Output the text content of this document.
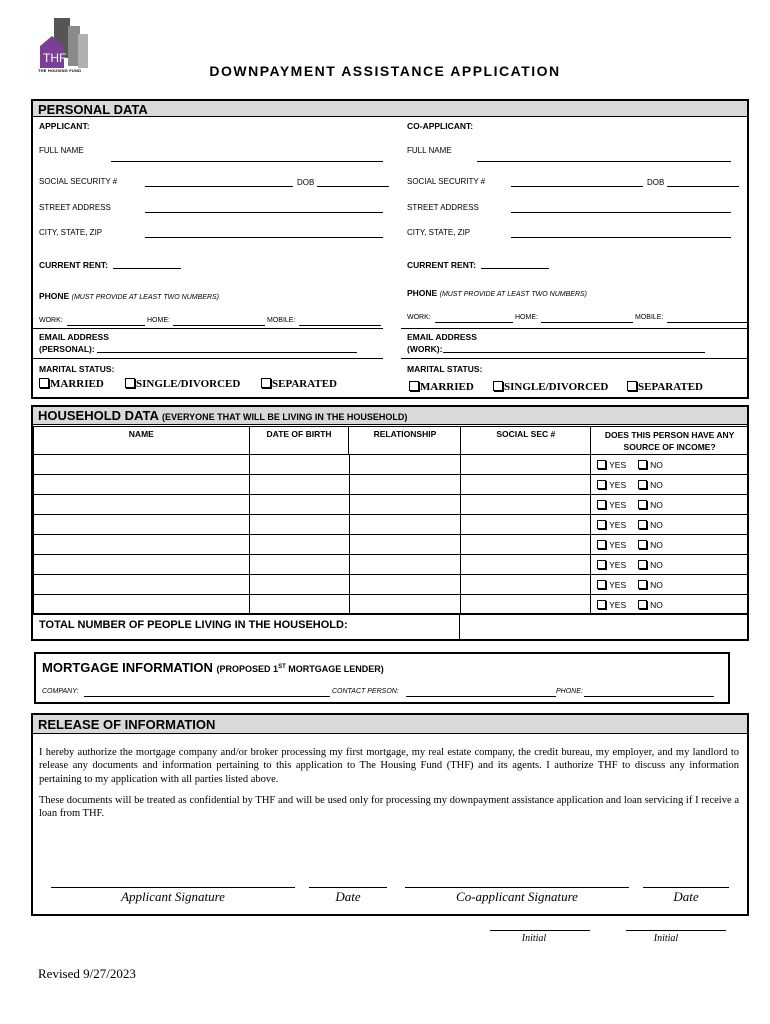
THF
THE HOUSING FUND	DOWNPAYMENT ASSISTANCE APPLICATION
PERSONAL DATA
APPLICANT:	CO-APPLICANT:
FULL NAME	FULL NAME
SOCIAL SECURITY #	DOB	SOCIAL SECURITY #	DOB
STREET ADDRESS	STREET ADDRESS
CITY, STATE, ZIP	CITY, STATE, ZIP
CURRENT RENT:	CURRENT RENT:
PHONE (MUST PROVIDE AT LEAST TWO NUMBERS)	PHONE (MUST PROVIDE AT LEAST TWO NUMBERS)
WORK:	HOME:	MOBILE:	WORK:	HOME:	MOBILE:
EMAIL ADDRESS
(PERSONAL):
EMAIL ADDRESS
(WORK):
MARITAL STATUS:	MARITAL STATUS:
MARRIED	SINGLE/DIVORCED	SEPARATED	MARRIED	SINGLE/DIVORCED	SEPARATED
HOUSEHOLD DATA (EVERYONE THAT WILL BE LIVING IN THE HOUSEHOLD)
NAME	DATE OF BIRTH	RELATIONSHIP	SOCIAL SEC #	DOES THIS PERSON HAVE ANY SOURCE OF INCOME?
				YES NO
				YES NO
				YES NO
				YES NO
				YES NO
				YES NO
				YES NO
				YES NO
TOTAL NUMBER OF PEOPLE LIVING IN THE HOUSEHOLD:
MORTGAGE INFORMATION (PROPOSED 1ST MORTGAGE LENDER)
COMPANY:	CONTACT PERSON:	PHONE:
RELEASE OF INFORMATION

I hereby authorize the mortgage company and/or broker processing my first mortgage, my real estate company, the credit bureau, my employer, and my landlord to release any documents and information pertaining to this application to The Housing Fund (THF) and its agents. I authorize THF to discuss any information pertaining to my application with all parties listed above.

These documents will be treated as confidential by THF and will be used only for processing my downpayment assistance application and loan servicing if I receive a loan from THF.

Applicant Signature	Date	Co-applicant Signature	Date
Initial	Initial
Revised 9/27/2023
